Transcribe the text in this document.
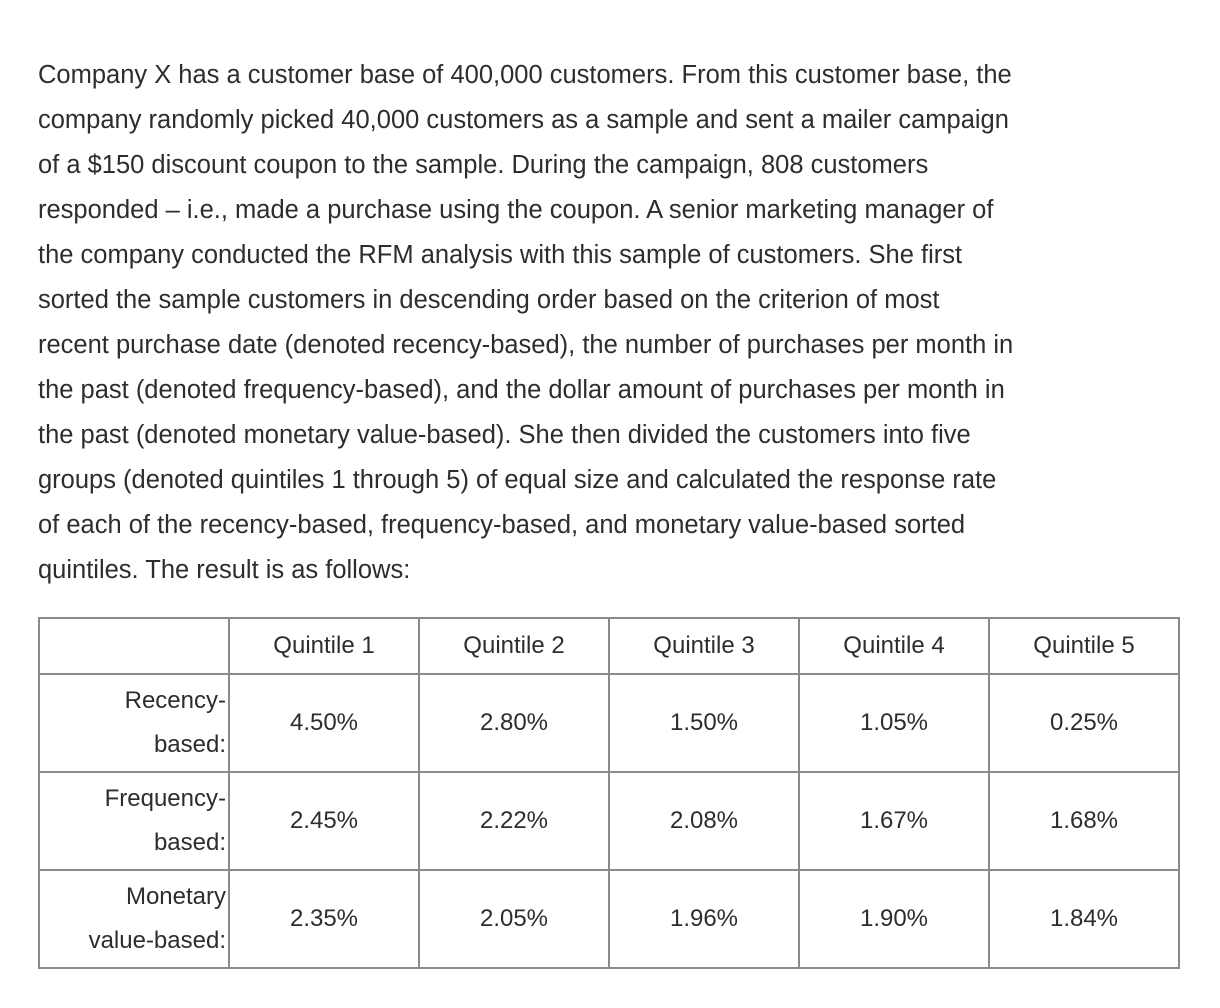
Company X has a customer base of 400,000 customers. From this customer base, the
company randomly picked 40,000 customers as a sample and sent a mailer campaign
of a $150 discount coupon to the sample. During the campaign, 808 customers
responded – i.e., made a purchase using the coupon. A senior marketing manager of
the company conducted the RFM analysis with this sample of customers. She first
sorted the sample customers in descending order based on the criterion of most
recent purchase date (denoted recency-based), the number of purchases per month in
the past (denoted frequency-based), and the dollar amount of purchases per month in
the past (denoted monetary value-based). She then divided the customers into five
groups (denoted quintiles 1 through 5) of equal size and calculated the response rate
of each of the recency-based, frequency-based, and monetary value-based sorted
quintiles. The result is as follows:

	Quintile 1	Quintile 2	Quintile 3	Quintile 4	Quintile 5

Recency-
based:	4.50%	2.80%	1.50%	1.05%	0.25%

Frequency-
based:	2.45%	2.22%	2.08%	1.67%	1.68%

Monetary
value-based:	2.35%	2.05%	1.96%	1.90%	1.84%
